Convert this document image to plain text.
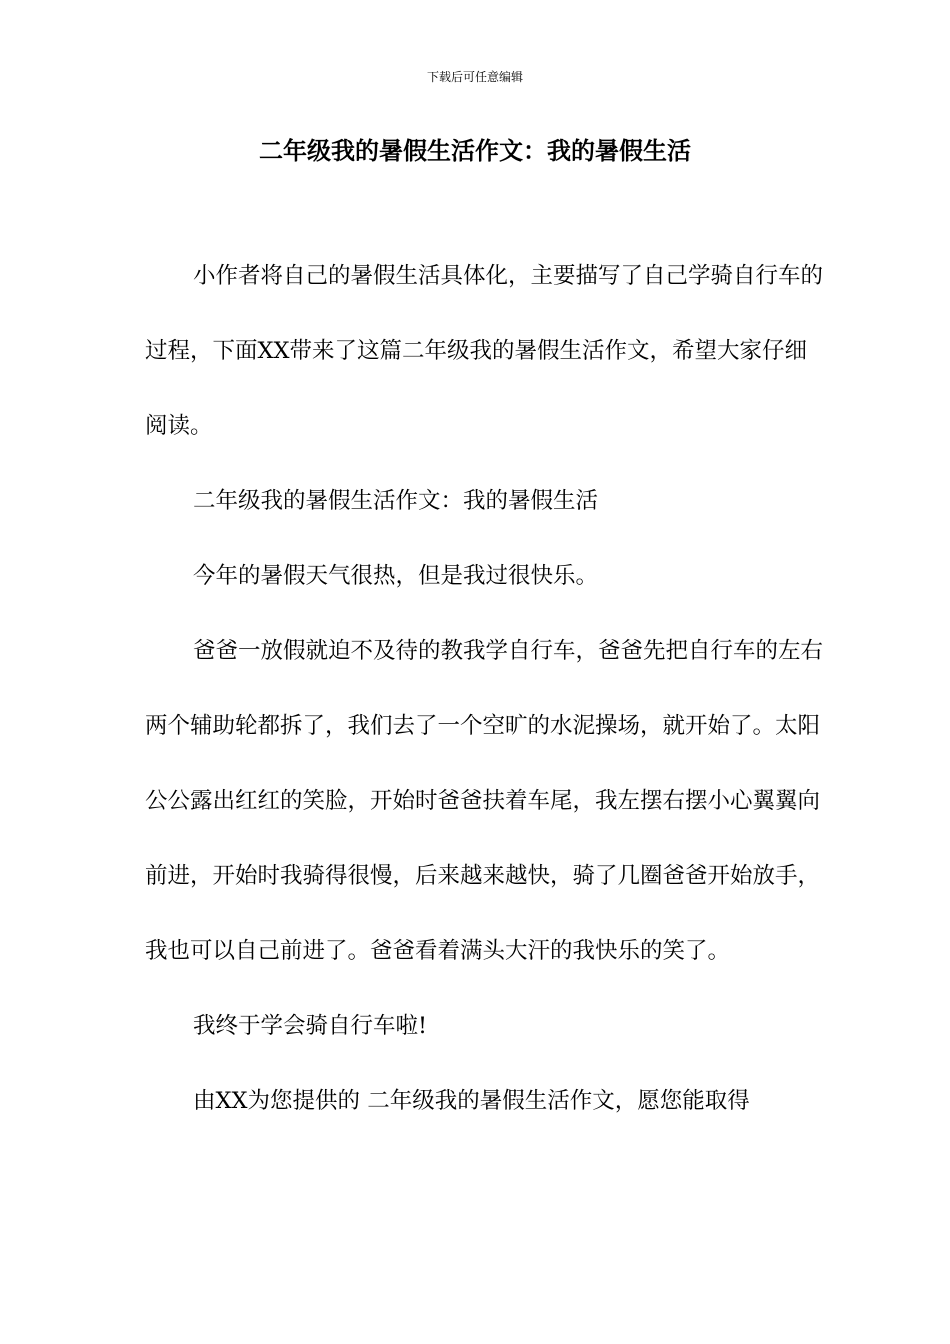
下载后可任意编辑
二年级我的暑假生活作文：我的暑假生活

小作者将自己的暑假生活具体化，主要描写了自己学骑自行车的过程，下面XX带来了这篇二年级我的暑假生活作文，希望大家仔细阅读。

二年级我的暑假生活作文：我的暑假生活

今年的暑假天气很热，但是我过很快乐。

爸爸一放假就迫不及待的教我学自行车，爸爸先把自行车的左右两个辅助轮都拆了，我们去了一个空旷的水泥操场，就开始了。太阳公公露出红红的笑脸，开始时爸爸扶着车尾，我左摆右摆小心翼翼向前进，开始时我骑得很慢，后来越来越快，骑了几圈爸爸开始放手，我也可以自己前进了。爸爸看着满头大汗的我快乐的笑了。

我终于学会骑自行车啦!

由XX为您提供的 二年级我的暑假生活作文，愿您能取得
